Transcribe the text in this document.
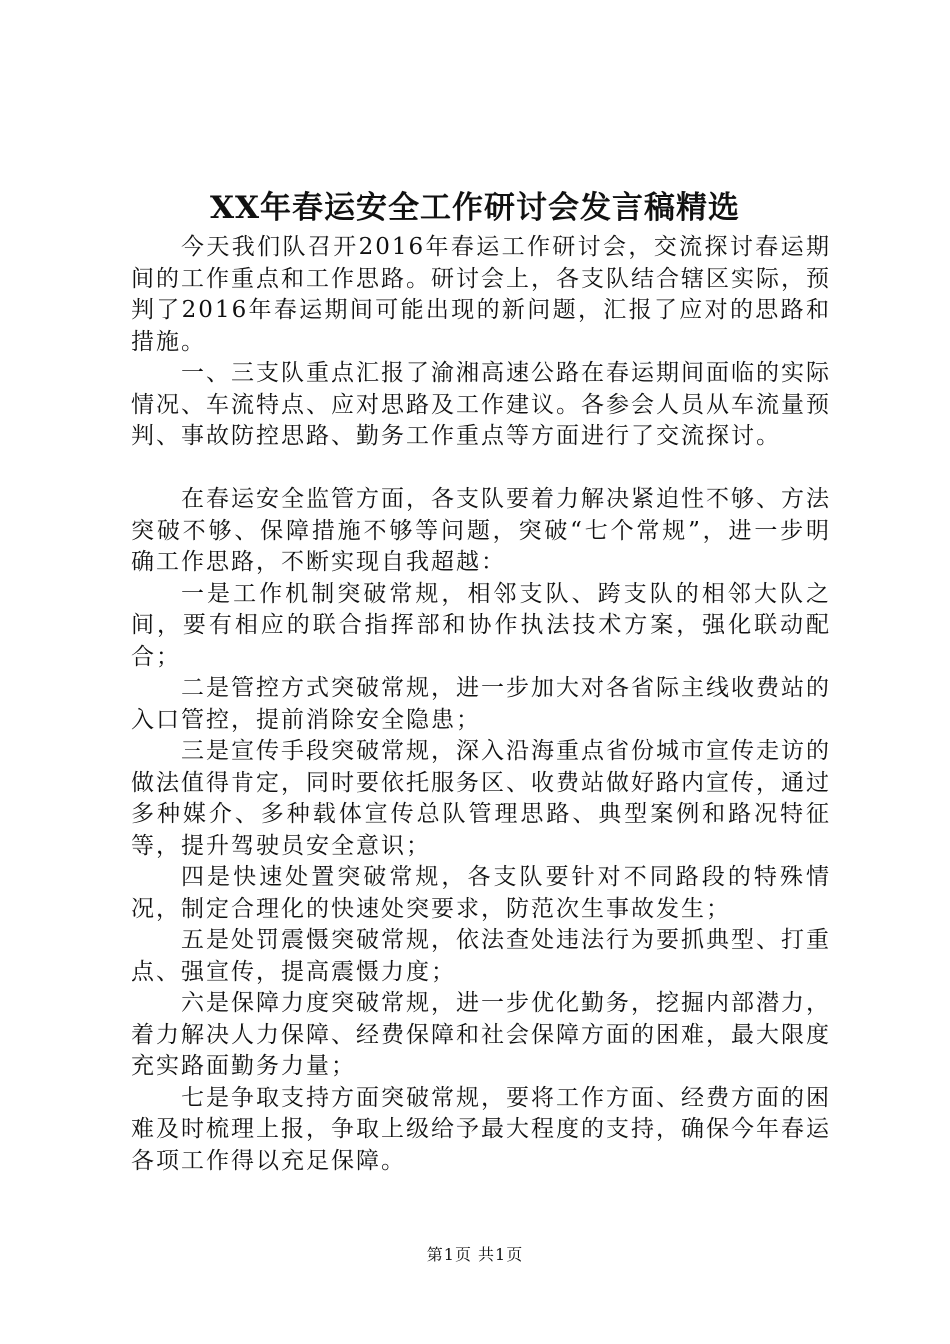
XX年春运安全工作研讨会发言稿精选

今天我们队召开2016年春运工作研讨会，交流探讨春运期间的工作重点和工作思路。研讨会上，各支队结合辖区实际，预判了2016年春运期间可能出现的新问题，汇报了应对的思路和措施。

一、三支队重点汇报了渝湘高速公路在春运期间面临的实际情况、车流特点、应对思路及工作建议。各参会人员从车流量预判、事故防控思路、勤务工作重点等方面进行了交流探讨。

在春运安全监管方面，各支队要着力解决紧迫性不够、方法突破不够、保障措施不够等问题，突破“七个常规”，进一步明确工作思路，不断实现自我超越：

一是工作机制突破常规，相邻支队、跨支队的相邻大队之间，要有相应的联合指挥部和协作执法技术方案，强化联动配合；

二是管控方式突破常规，进一步加大对各省际主线收费站的入口管控，提前消除安全隐患；

三是宣传手段突破常规，深入沿海重点省份城市宣传走访的做法值得肯定，同时要依托服务区、收费站做好路内宣传，通过多种媒介、多种载体宣传总队管理思路、典型案例和路况特征等，提升驾驶员安全意识；

四是快速处置突破常规，各支队要针对不同路段的特殊情况，制定合理化的快速处突要求，防范次生事故发生；

五是处罚震慑突破常规，依法查处违法行为要抓典型、打重点、强宣传，提高震慑力度；

六是保障力度突破常规，进一步优化勤务，挖掘内部潜力，着力解决人力保障、经费保障和社会保障方面的困难，最大限度充实路面勤务力量；

七是争取支持方面突破常规，要将工作方面、经费方面的困难及时梳理上报，争取上级给予最大程度的支持，确保今年春运各项工作得以充足保障。

第1页 共1页
